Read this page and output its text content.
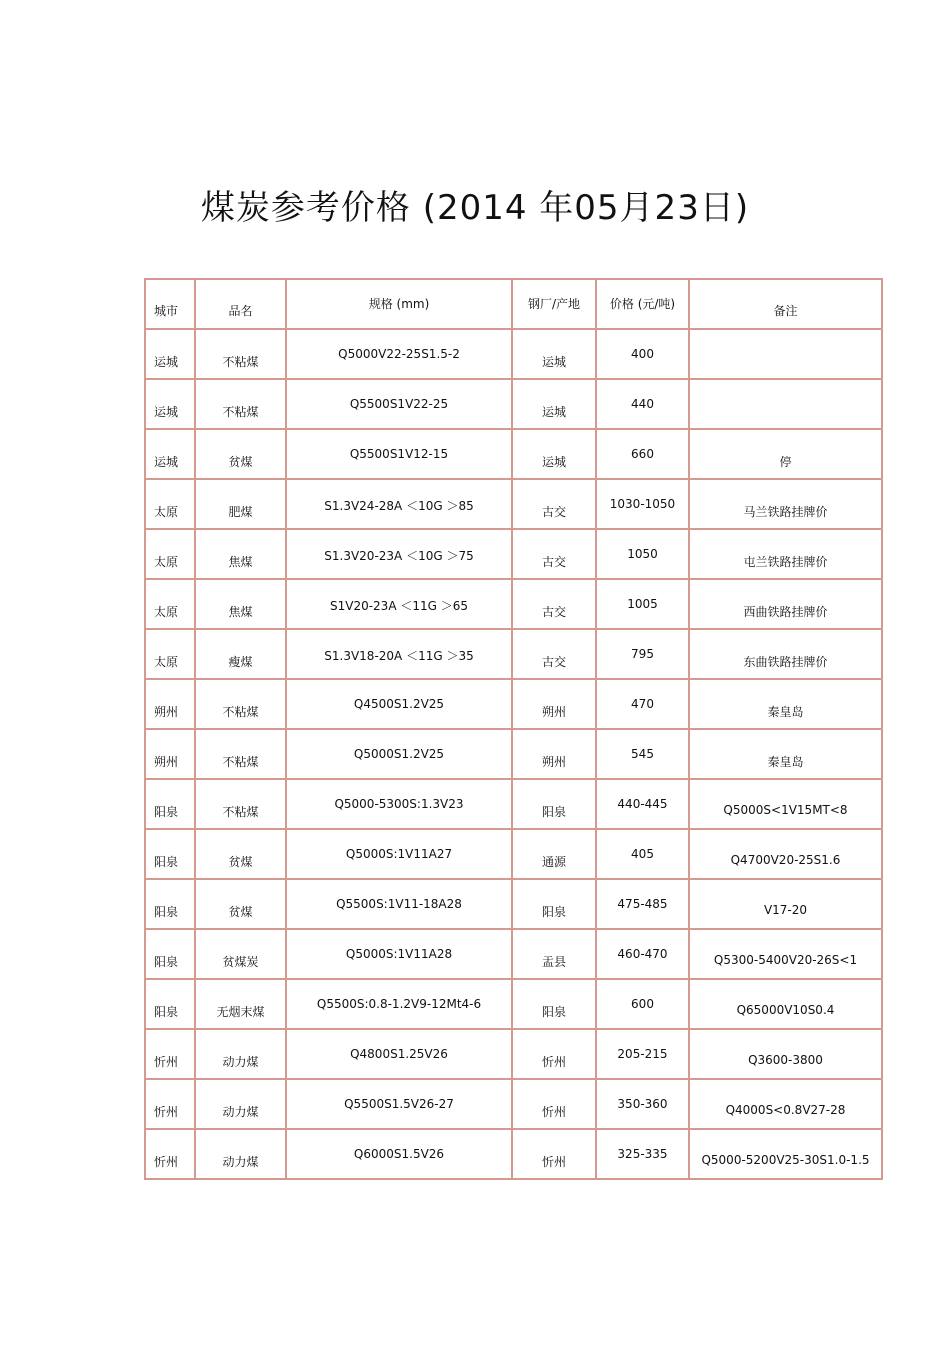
煤炭参考价格 (2014 年05月23日)
城市	品名	规格 (mm)	钢厂/产地	价格 (元/吨)	备注

运城	不粘煤	Q5000V22-25S1.5-2	运城	400	

运城	不粘煤	Q5500S1V22-25	运城	440	

运城	贫煤	Q5500S1V12-15	运城	660	停

太原	肥煤	S1.3V24-28A ＜10G ＞85	古交	1030-1050	马兰铁路挂牌价

太原	焦煤	S1.3V20-23A ＜10G ＞75	古交	1050	屯兰铁路挂牌价

太原	焦煤	S1V20-23A ＜11G ＞65	古交	1005	西曲铁路挂牌价

太原	瘦煤	S1.3V18-20A ＜11G ＞35	古交	795	东曲铁路挂牌价

朔州	不粘煤	Q4500S1.2V25	朔州	470	秦皇岛

朔州	不粘煤	Q5000S1.2V25	朔州	545	秦皇岛

阳泉	不粘煤	Q5000-5300S:1.3V23	阳泉	440-445	Q5000S<1V15MT<8

阳泉	贫煤	Q5000S:1V11A27	通源	405	Q4700V20-25S1.6

阳泉	贫煤	Q5500S:1V11-18A28	阳泉	475-485	V17-20

阳泉	贫煤炭	Q5000S:1V11A28	盂县	460-470	Q5300-5400V20-26S<1

阳泉	无烟末煤	Q5500S:0.8-1.2V9-12Mt4-6	阳泉	600	Q65000V10S0.4

忻州	动力煤	Q4800S1.25V26	忻州	205-215	Q3600-3800

忻州	动力煤	Q5500S1.5V26-27	忻州	350-360	Q4000S<0.8V27-28

忻州	动力煤	Q6000S1.5V26	忻州	325-335	Q5000-5200V25-30S1.0-1.5
